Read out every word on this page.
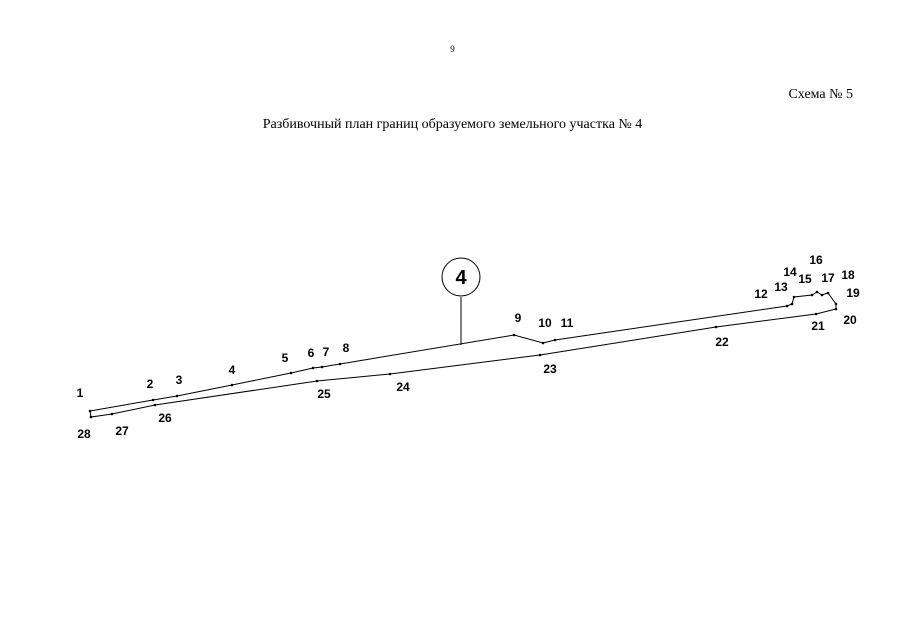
9
Схема № 5
Разбивочный план границ образуемого земельного участка № 4
4
1
2 3
4
5 6 7 8
9 10 11
12 13
14 15
16
17 18
19
20
21
22
23
24
25
26
27
28
